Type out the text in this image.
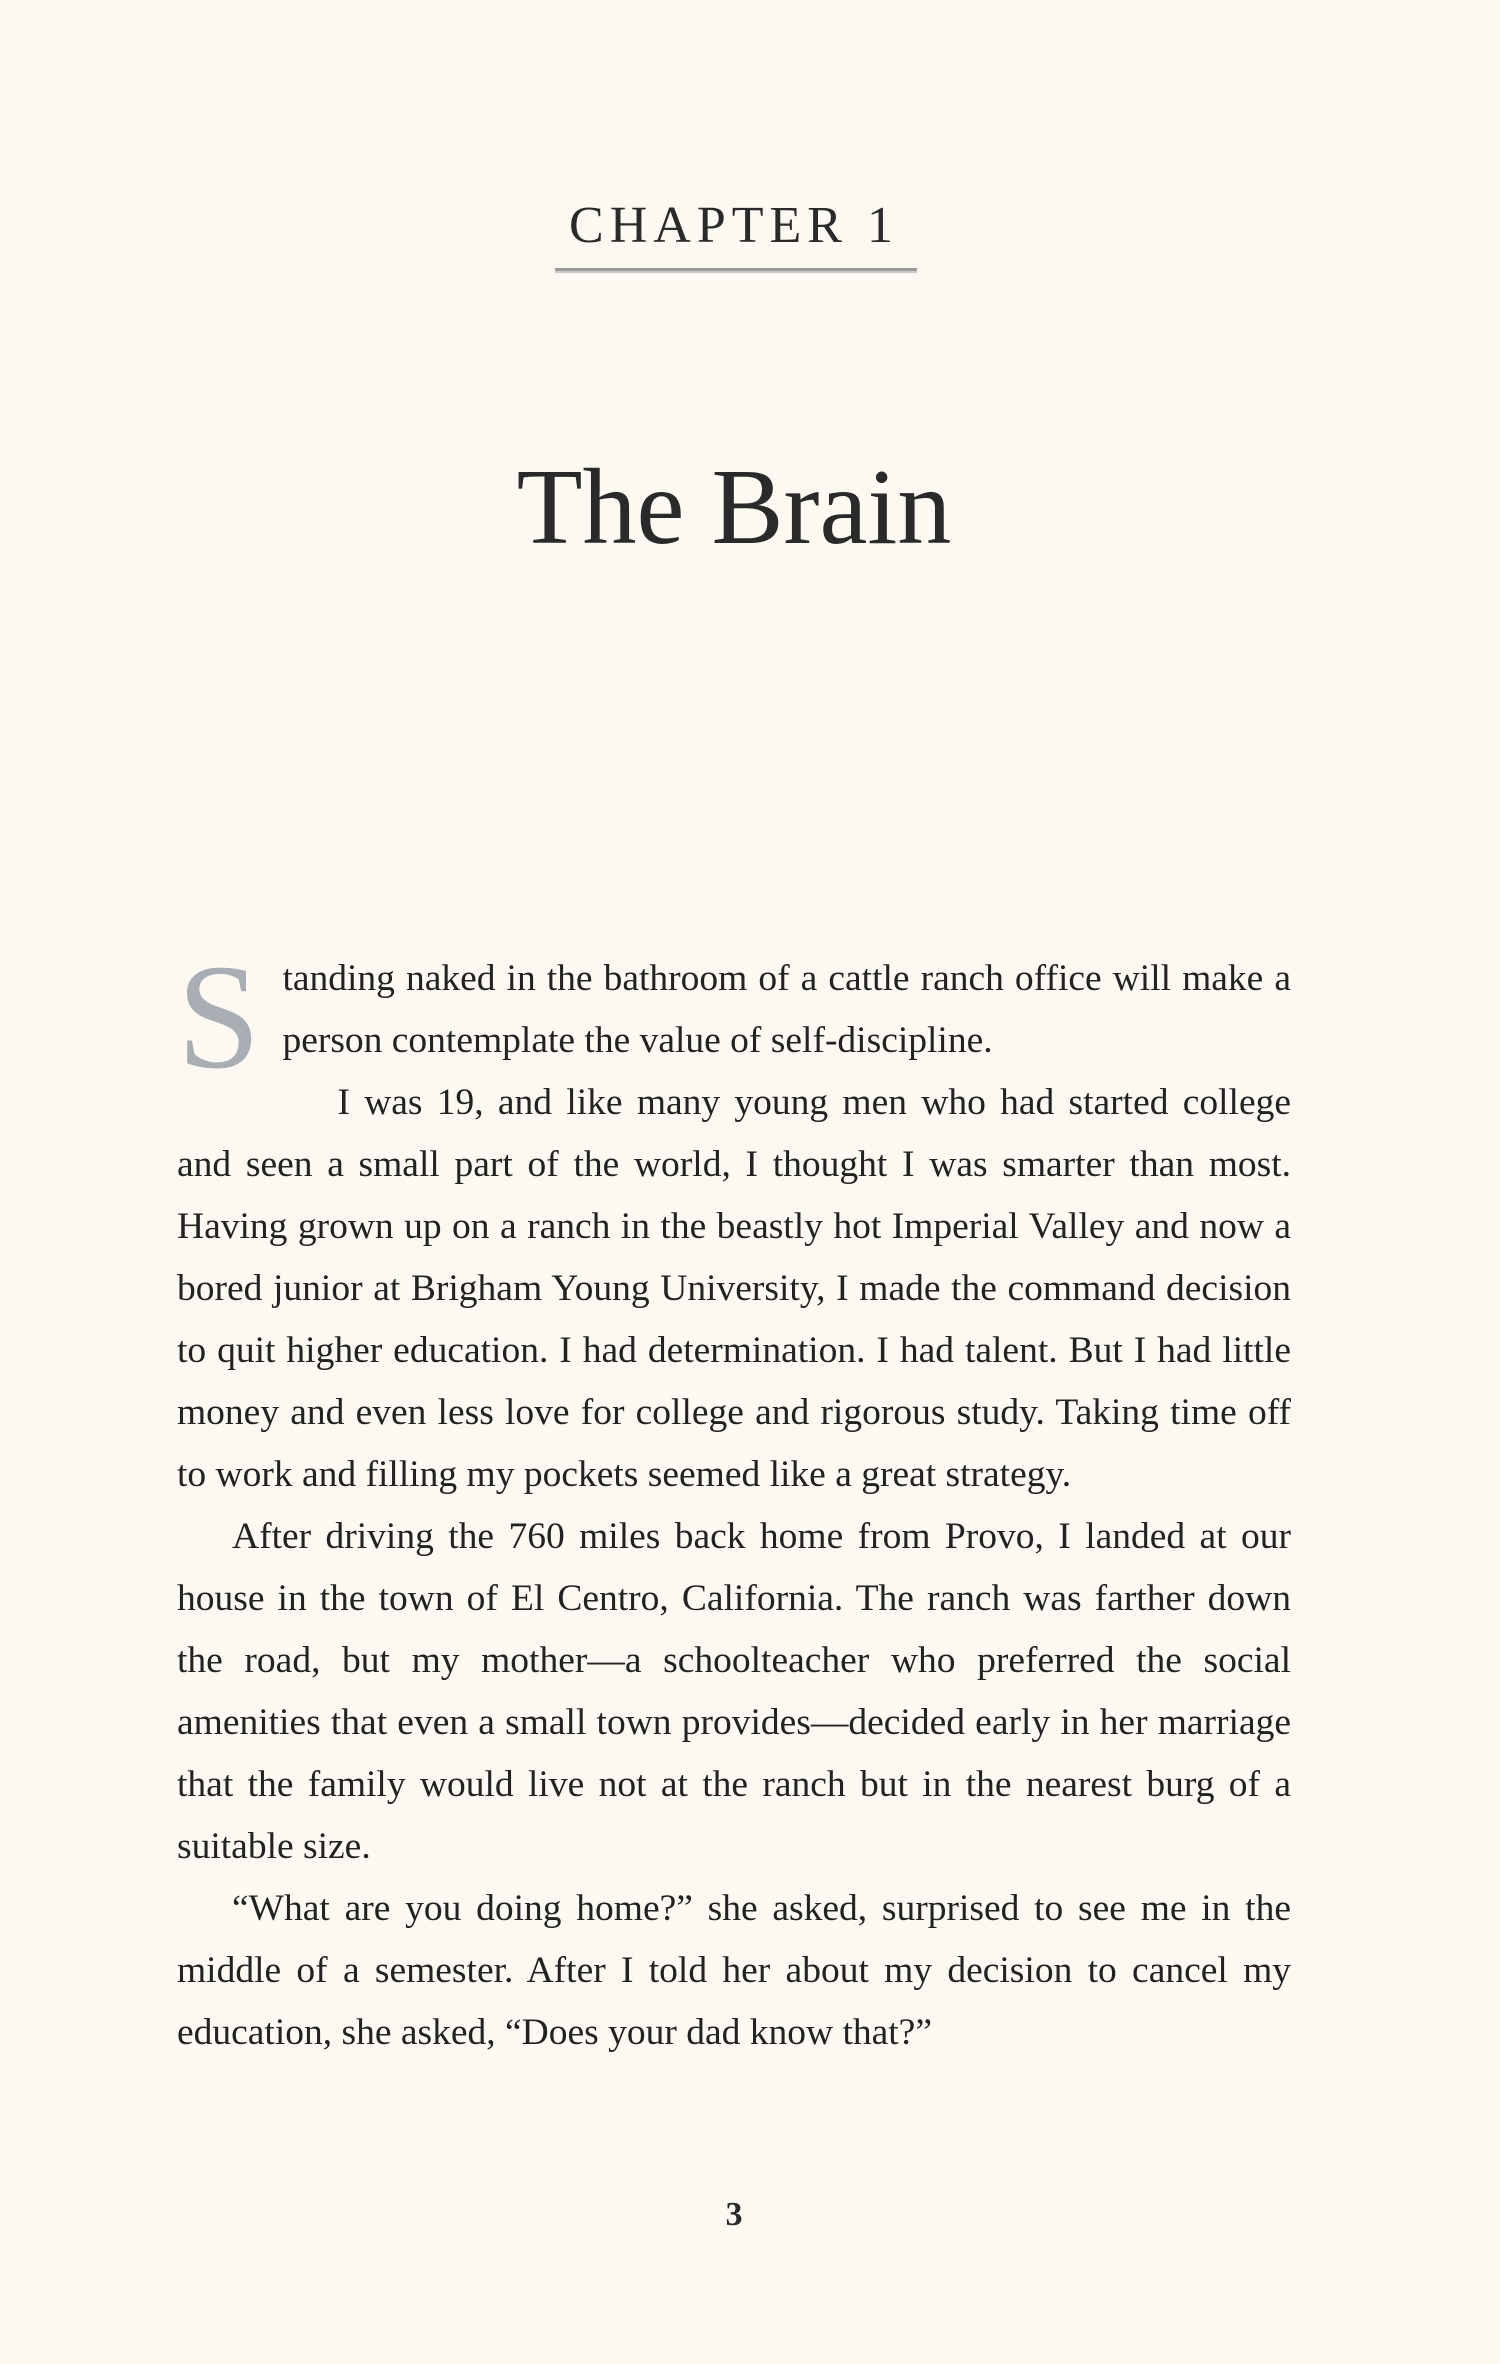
CHAPTER 1
The Brain

Standing naked in the bathroom of a cattle ranch office will make a person contemplate the value of self-discipline.

I was 19, and like many young men who had started college and seen a small part of the world, I thought I was smarter than most. Having grown up on a ranch in the beastly hot Imperial Valley and now a bored junior at Brigham Young University, I made the command decision to quit higher education. I had determination. I had talent. But I had little money and even less love for college and rigorous study. Taking time off to work and filling my pockets seemed like a great strategy.

After driving the 760 miles back home from Provo, I landed at our house in the town of El Centro, California. The ranch was farther down the road, but my mother—a schoolteacher who preferred the social amenities that even a small town provides—decided early in her marriage that the family would live not at the ranch but in the nearest burg of a suitable size.

“What are you doing home?” she asked, surprised to see me in the middle of a semester. After I told her about my decision to cancel my education, she asked, “Does your dad know that?”

3
